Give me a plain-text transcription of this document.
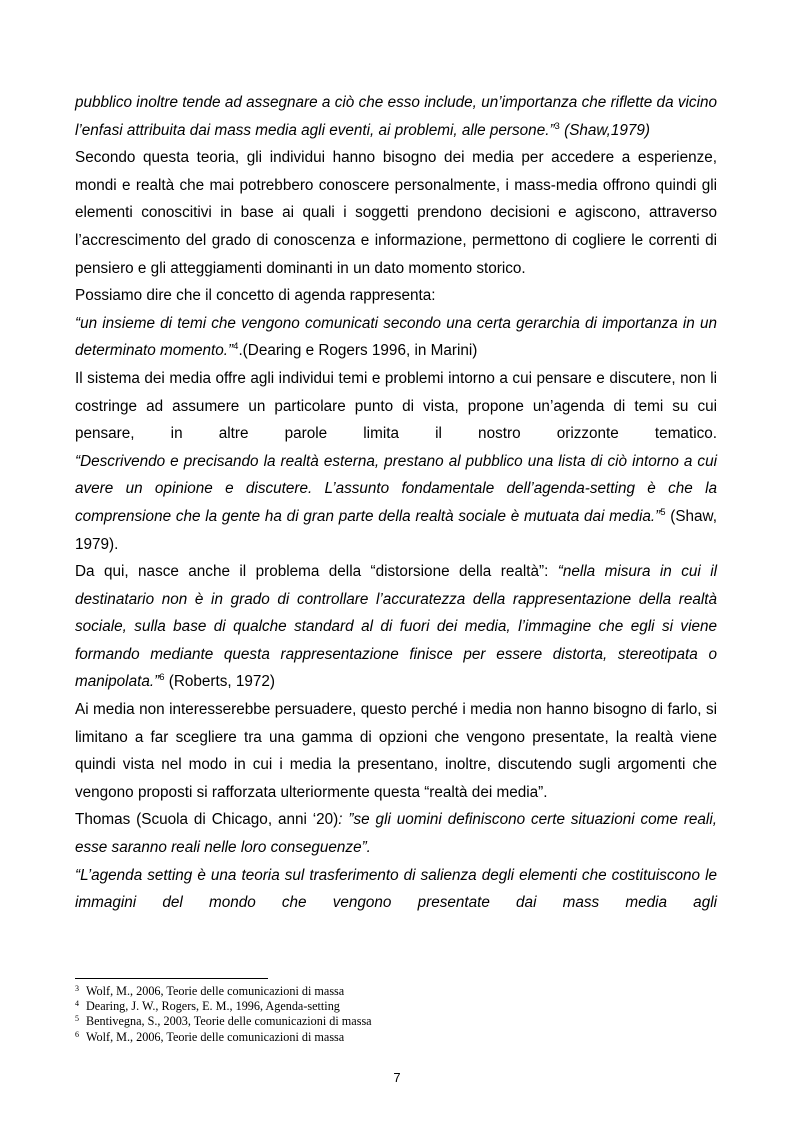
pubblico inoltre tende ad assegnare a ciò che esso include, un’importanza che riflette da vicino l’enfasi attribuita dai mass media agli eventi, ai problemi, alle persone.”$^3$ (Shaw,1979)

Secondo questa teoria, gli individui hanno bisogno dei media per accedere a esperienze, mondi e realtà che mai potrebbero conoscere personalmente, i mass-media offrono quindi gli elementi conoscitivi in base ai quali i soggetti prendono decisioni e agiscono, attraverso l’accrescimento del grado di conoscenza e informazione, permettono di cogliere le correnti di pensiero e gli atteggiamenti dominanti in un dato momento storico.

Possiamo dire che il concetto di agenda rappresenta:

“un insieme di temi che vengono comunicati secondo una certa gerarchia di importanza in un determinato momento.”$^4$.(Dearing e Rogers 1996, in Marini)

Il sistema dei media offre agli individui temi e problemi intorno a cui pensare e discutere, non li costringe ad assumere un particolare punto di vista, propone un’agenda di temi su cui pensare, in altre parole limita il nostro orizzonte tematico.

“Descrivendo e precisando la realtà esterna, prestano al pubblico una lista di ciò intorno a cui avere un opinione e discutere. L’assunto fondamentale dell’agenda-setting è che la comprensione che la gente ha di gran parte della realtà sociale è mutuata dai media.”$^5$ (Shaw, 1979).

Da qui, nasce anche il problema della “distorsione della realtà”: “nella misura in cui il destinatario non è in grado di controllare l’accuratezza della rappresentazione della realtà sociale, sulla base di qualche standard al di fuori dei media, l’immagine che egli si viene formando mediante questa rappresentazione finisce per essere distorta, stereotipata o manipolata.”$^6$ (Roberts, 1972)

Ai media non interesserebbe persuadere, questo perché i media non hanno bisogno di farlo, si limitano a far scegliere tra una gamma di opzioni che vengono presentate, la realtà viene quindi vista nel modo in cui i media la presentano, inoltre, discutendo sugli argomenti che vengono proposti si rafforzata ulteriormente questa “realtà dei media”.

Thomas (Scuola di Chicago, anni ‘20): ”se gli uomini definiscono certe situazioni come reali, esse saranno reali nelle loro conseguenze”.

“L’agenda setting è una teoria sul trasferimento di salienza degli elementi che costituiscono le immagini del mondo che vengono presentate dai mass media agli

$^3$ Wolf, M., 2006, Teorie delle comunicazioni di massa
$^4$ Dearing, J. W., Rogers, E. M., 1996, Agenda-setting
$^5$ Bentivegna, S., 2003, Teorie delle comunicazioni di massa
$^6$ Wolf, M., 2006, Teorie delle comunicazioni di massa
7
